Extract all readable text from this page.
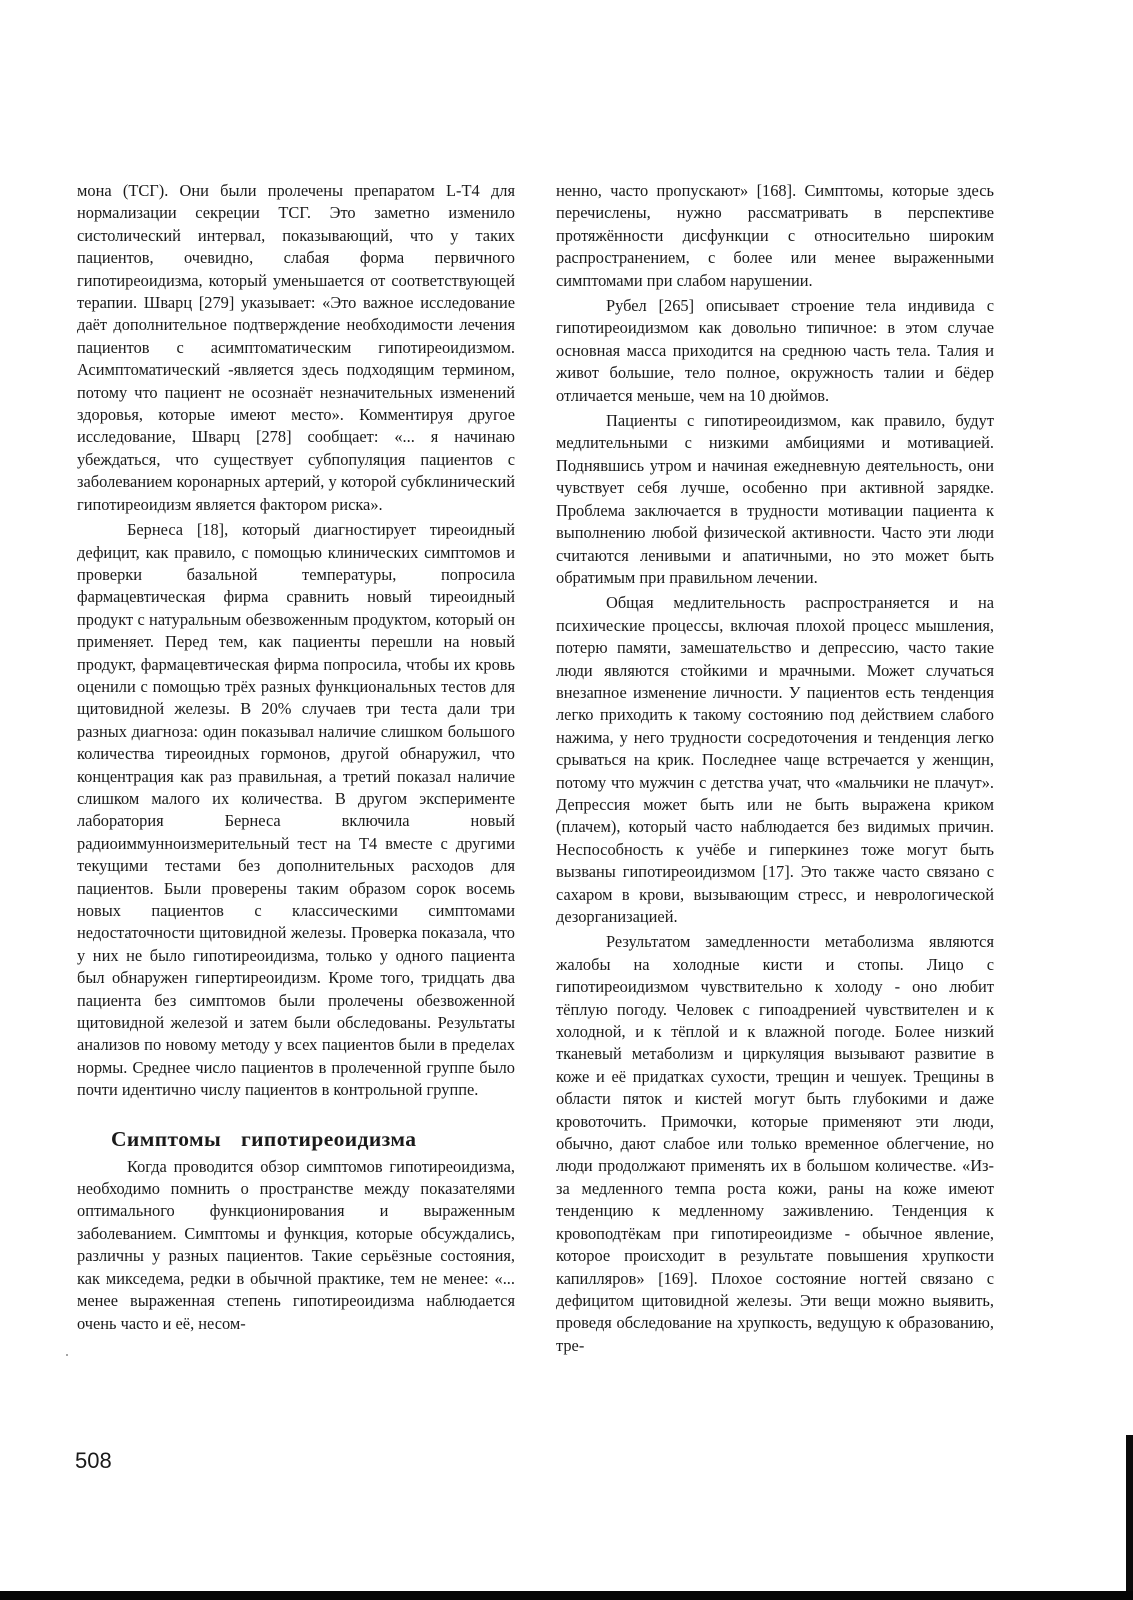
мона (ТСГ). Они были пролечены препаратом L-T4 для нормализации секреции ТСГ. Это заметно изменило систолический интервал, показывающий, что у таких пациентов, очевидно, слабая форма первичного гипотиреоидизма, который уменьшается от соответствующей терапии. Шварц [279] указывает: «Это важное исследование даёт дополнительное подтверждение необходимости лечения пациентов с асимптоматическим гипотиреоидизмом. Асимптоматический -является здесь подходящим термином, потому что пациент не осознаёт незначительных изменений здоровья, которые имеют место». Комментируя другое исследование, Шварц [278] сообщает: «... я начинаю убеждаться, что существует субпопуляция пациентов с заболеванием коронарных артерий, у которой субклинический гипотиреоидизм является фактором риска».

Бернеса [18], который диагностирует тиреоидный дефицит, как правило, с помощью клинических симптомов и проверки базальной температуры, попросила фармацевтическая фирма сравнить новый тиреоидный продукт с натуральным обезвоженным продуктом, который он применяет. Перед тем, как пациенты перешли на новый продукт, фармацевтическая фирма попросила, чтобы их кровь оценили с помощью трёх разных функциональных тестов для щитовидной железы. В 20% случаев три теста дали три разных диагноза: один показывал наличие слишком большого количества тиреоидных гормонов, другой обнаружил, что концентрация как раз правильная, а третий показал наличие слишком малого их количества. В другом эксперименте лаборатория Бернеса включила новый радиоиммунноизмерительный тест на Т4 вместе с другими текущими тестами без дополнительных расходов для пациентов. Были проверены таким образом сорок восемь новых пациентов с классическими симптомами недостаточности щитовидной железы. Проверка показала, что у них не было гипотиреоидизма, только у одного пациента был обнаружен гипертиреоидизм. Кроме того, тридцать два пациента без симптомов были пролечены обезвоженной щитовидной железой и затем были обследованы. Результаты анализов по новому методу у всех пациентов были в пределах нормы. Среднее число пациентов в пролеченной группе было почти идентично числу пациентов в контрольной группе.

Симптомы гипотиреоидизма

Когда проводится обзор симптомов гипотиреоидизма, необходимо помнить о пространстве между показателями оптимального функционирования и выраженным заболеванием. Симптомы и функция, которые обсуждались, различны у разных пациентов. Такие серьёзные состояния, как микседема, редки в обычной практике, тем не менее: «... менее выраженная степень гипотиреоидизма наблюдается очень часто и её, несом-

ненно, часто пропускают» [168]. Симптомы, которые здесь перечислены, нужно рассматривать в перспективе протяжённости дисфункции с относительно широким распространением, с более или менее выраженными симптомами при слабом нарушении.

Рубел [265] описывает строение тела индивида с гипотиреоидизмом как довольно типичное: в этом случае основная масса приходится на среднюю часть тела. Талия и живот большие, тело полное, окружность талии и бёдер отличается меньше, чем на 10 дюймов.

Пациенты с гипотиреоидизмом, как правило, будут медлительными с низкими амбициями и мотивацией. Поднявшись утром и начиная ежедневную деятельность, они чувствует себя лучше, особенно при активной зарядке. Проблема заключается в трудности мотивации пациента к выполнению любой физической активности. Часто эти люди считаются ленивыми и апатичными, но это может быть обратимым при правильном лечении.

Общая медлительность распространяется и на психические процессы, включая плохой процесс мышления, потерю памяти, замешательство и депрессию, часто такие люди являются стойкими и мрачными. Может случаться внезапное изменение личности. У пациентов есть тенденция легко приходить к такому состоянию под действием слабого нажима, у него трудности сосредоточения и тенденция легко срываться на крик. Последнее чаще встречается у женщин, потому что мужчин с детства учат, что «мальчики не плачут». Депрессия может быть или не быть выражена криком (плачем), который часто наблюдается без видимых причин. Неспособность к учёбе и гиперкинез тоже могут быть вызваны гипотиреоидизмом [17]. Это также часто связано с сахаром в крови, вызывающим стресс, и неврологической дезорганизацией.

Результатом замедленности метаболизма являются жалобы на холодные кисти и стопы. Лицо с гипотиреоидизмом чувствительно к холоду - оно любит тёплую погоду. Человек с гипоадренией чувствителен и к холодной, и к тёплой и к влажной погоде. Более низкий тканевый метаболизм и циркуляция вызывают развитие в коже и её придатках сухости, трещин и чешуек. Трещины в области пяток и кистей могут быть глубокими и даже кровоточить. Примочки, которые применяют эти люди, обычно, дают слабое или только временное облегчение, но люди продолжают применять их в большом количестве. «Из-за медленного темпа роста кожи, раны на коже имеют тенденцию к медленному заживлению. Тенденция к кровоподтёкам при гипотиреоидизме - обычное явление, которое происходит в результате повышения хрупкости капилляров» [169]. Плохое состояние ногтей связано с дефицитом щитовидной железы. Эти вещи можно выявить, проведя обследование на хрупкость, ведущую к образованию, тре-

508
